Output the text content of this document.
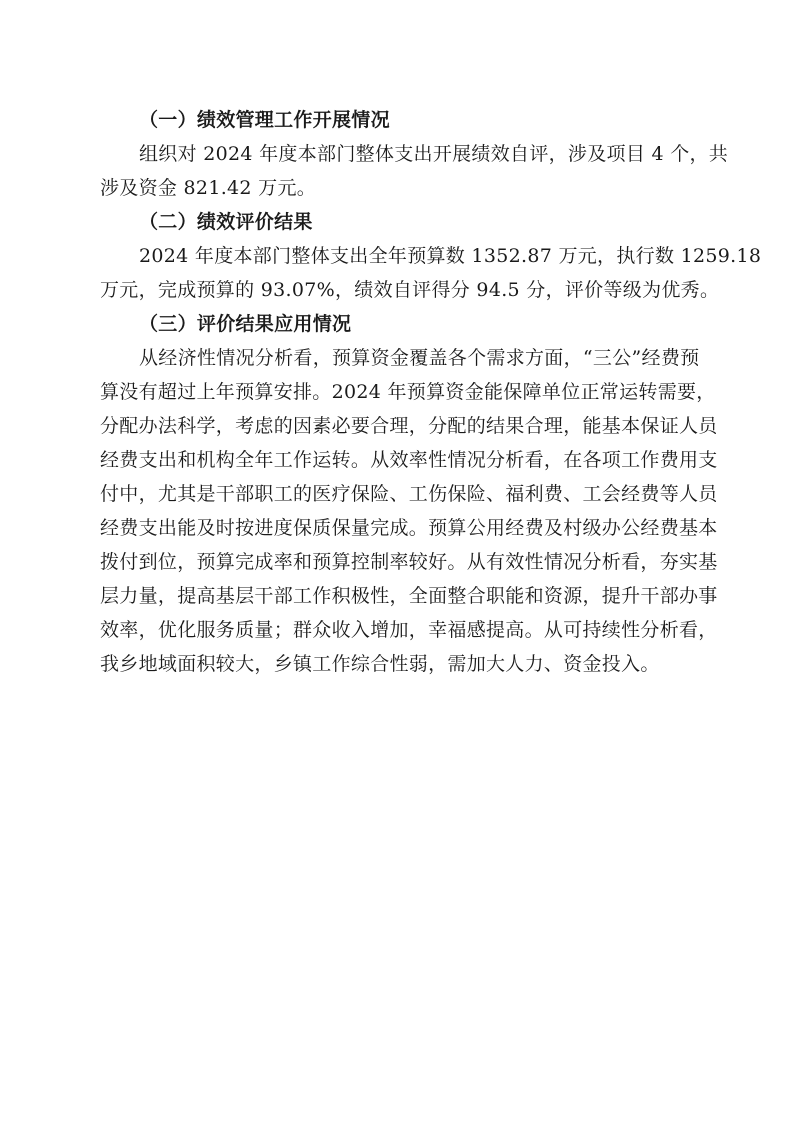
（一）绩效管理工作开展情况

组织对 2024 年度本部门整体支出开展绩效自评，涉及项目 4 个，共

涉及资金 821.42 万元。

（二）绩效评价结果

2024 年度本部门整体支出全年预算数 1352.87 万元，执行数 1259.18

万元，完成预算的 93.07%，绩效自评得分 94.5 分，评价等级为优秀。

（三）评价结果应用情况

从经济性情况分析看，预算资金覆盖各个需求方面，“三公”经费预

算没有超过上年预算安排。2024 年预算资金能保障单位正常运转需要，

分配办法科学，考虑的因素必要合理，分配的结果合理，能基本保证人员

经费支出和机构全年工作运转。从效率性情况分析看，在各项工作费用支

付中，尤其是干部职工的医疗保险、工伤保险、福利费、工会经费等人员

经费支出能及时按进度保质保量完成。预算公用经费及村级办公经费基本

拨付到位，预算完成率和预算控制率较好。从有效性情况分析看，夯实基

层力量，提高基层干部工作积极性，全面整合职能和资源，提升干部办事

效率，优化服务质量；群众收入增加，幸福感提高。从可持续性分析看，

我乡地域面积较大，乡镇工作综合性弱，需加大人力、资金投入。
